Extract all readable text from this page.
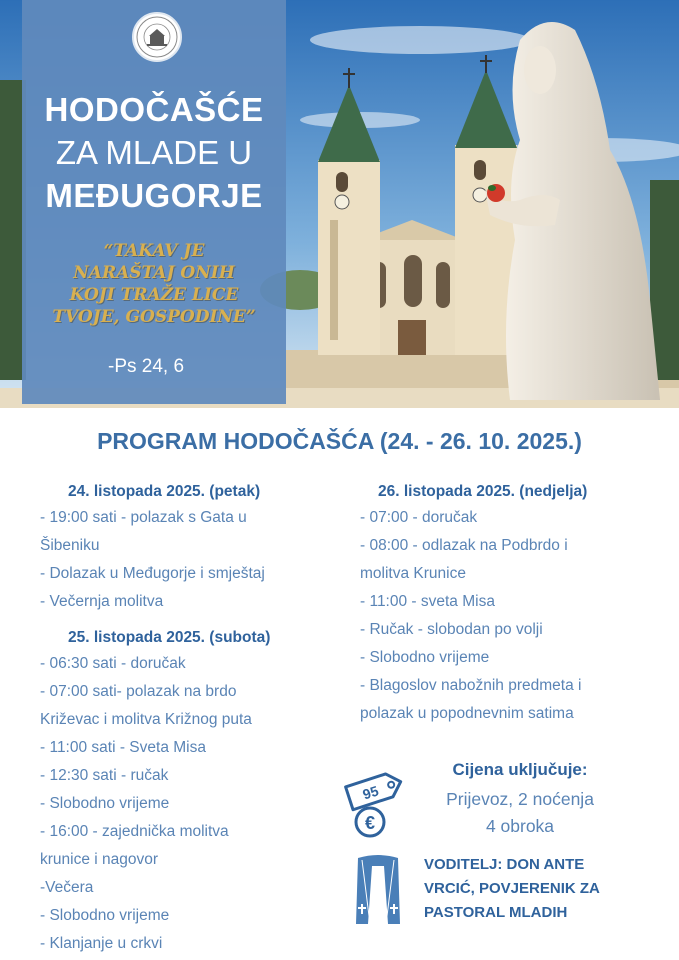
HODOČAŠĆE

ZA MLADE U

MEĐUGORJE

“TAKAV JE

NARAŠTAJ ONIH

KOJI TRAŽE LICE

TVOJE, GOSPODINE”

-Ps 24, 6

PROGRAM HODOČAŠĆA (24. - 26. 10. 2025.)

24. listopada 2025. (petak)

- 19:00 sati - polazak s Gata u

Šibeniku

- Dolazak u Međugorje i smještaj

- Večernja molitva

25. listopada 2025. (subota)

- 06:30 sati - doručak

- 07:00 sati- polazak na brdo

Križevac i molitva Križnog puta

- 11:00 sati - Sveta Misa

- 12:30 sati - ručak

- Slobodno vrijeme

- 16:00 - zajednička molitva

krunice i nagovor

-Večera

- Slobodno vrijeme

- Klanjanje u crkvi

26. listopada 2025. (nedjelja)

- 07:00 - doručak

- 08:00 - odlazak na Podbrdo i

molitva Krunice

- 11:00 - sveta Misa

- Ručak - slobodan po volji

- Slobodno vrijeme

- Blagoslov nabožnih predmeta i

polazak u popodnevnim satima

95
€

Cijena uključuje:

Prijevoz, 2 noćenja

4 obroka

VODITELJ: DON ANTE

VRCIĆ, POVJERENIK ZA

PASTORAL MLADIH
